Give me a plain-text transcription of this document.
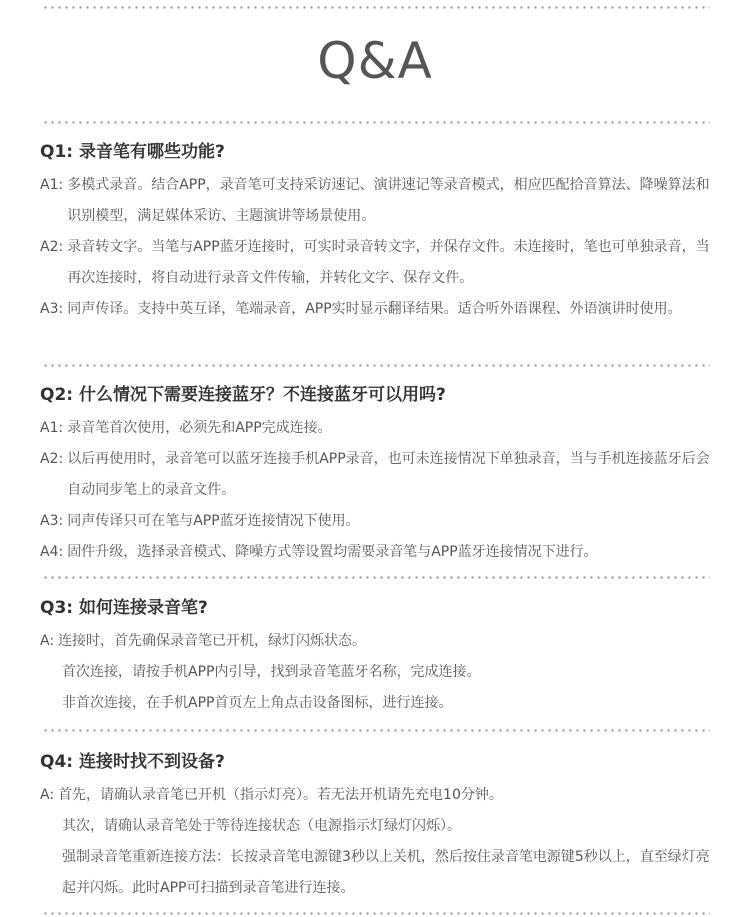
Q&A
Q1: 录音笔有哪些功能?
A1: 多模式录音。结合APP，录音笔可支持采访速记、演讲速记等录音模式，相应匹配拾音算法、降噪算法和识别模型，满足媒体采访、主题演讲等场景使用。
A2: 录音转文字。当笔与APP蓝牙连接时，可实时录音转文字，并保存文件。未连接时，笔也可单独录音，当再次连接时，将自动进行录音文件传输，并转化文字、保存文件。
A3: 同声传译。支持中英互译，笔端录音，APP实时显示翻译结果。适合听外语课程、外语演讲时使用。
Q2: 什么情况下需要连接蓝牙？不连接蓝牙可以用吗?
A1: 录音笔首次使用，必须先和APP完成连接。
A2: 以后再使用时，录音笔可以蓝牙连接手机APP录音，也可未连接情况下单独录音，当与手机连接蓝牙后会自动同步笔上的录音文件。
A3: 同声传译只可在笔与APP蓝牙连接情况下使用。
A4: 固件升级，选择录音模式、降噪方式等设置均需要录音笔与APP蓝牙连接情况下进行。
Q3: 如何连接录音笔?
A: 连接时，首先确保录音笔已开机，绿灯闪烁状态。
首次连接，请按手机APP内引导，找到录音笔蓝牙名称，完成连接。
非首次连接，在手机APP首页左上角点击设备图标，进行连接。
Q4: 连接时找不到设备?
A: 首先，请确认录音笔已开机（指示灯亮）。若无法开机请先充电10分钟。
其次，请确认录音笔处于等待连接状态（电源指示灯绿灯闪烁）。
强制录音笔重新连接方法：长按录音笔电源键3秒以上关机，然后按住录音笔电源键5秒以上，直至绿灯亮起并闪烁。此时APP可扫描到录音笔进行连接。
